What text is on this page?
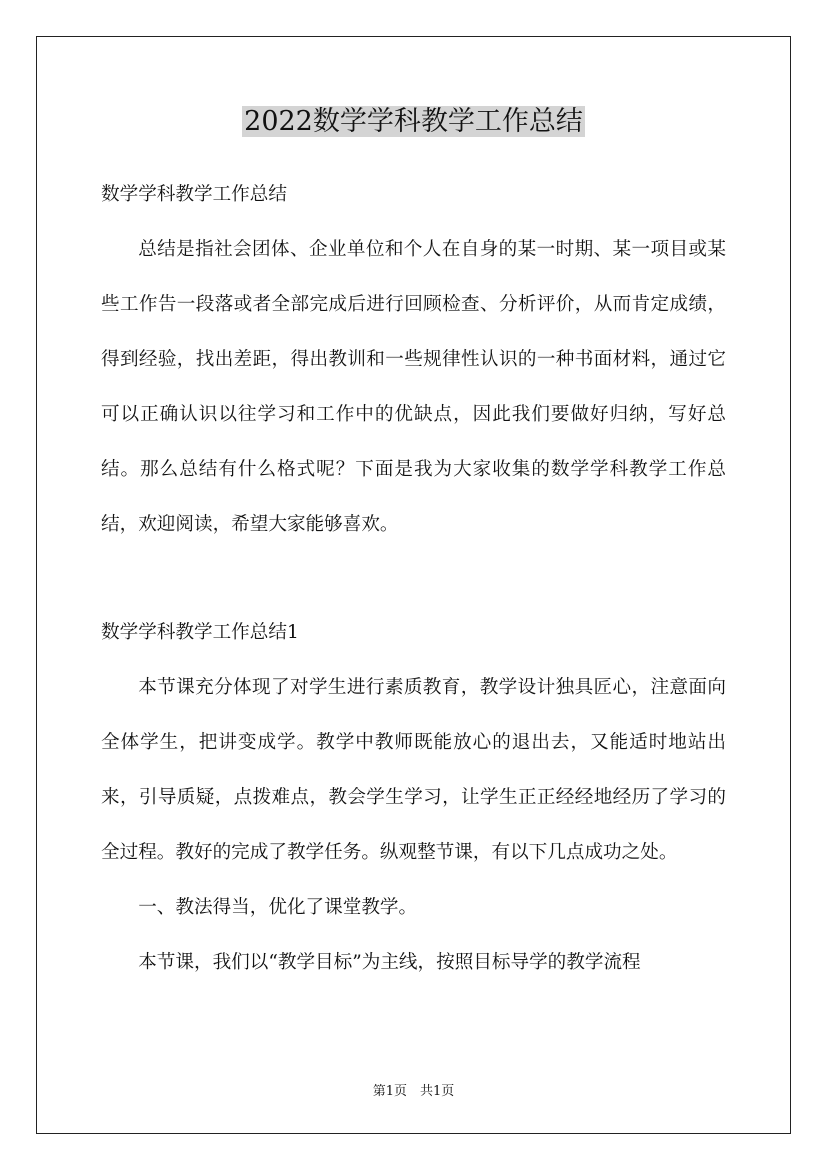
2022数学学科教学工作总结

数学学科教学工作总结

总结是指社会团体、企业单位和个人在自身的某一时期、某一项目或某些工作告一段落或者全部完成后进行回顾检查、分析评价，从而肯定成绩，得到经验，找出差距，得出教训和一些规律性认识的一种书面材料，通过它可以正确认识以往学习和工作中的优缺点，因此我们要做好归纳，写好总结。那么总结有什么格式呢？下面是我为大家收集的数学学科教学工作总结，欢迎阅读，希望大家能够喜欢。

数学学科教学工作总结1

本节课充分体现了对学生进行素质教育，教学设计独具匠心，注意面向全体学生，把讲变成学。教学中教师既能放心的退出去，又能适时地站出来，引导质疑，点拨难点，教会学生学习，让学生正正经经地经历了学习的全过程。教好的完成了教学任务。纵观整节课，有以下几点成功之处。

一、教法得当，优化了课堂教学。

本节课，我们以“教学目标”为主线，按照目标导学的教学流程

第1页　共1页
